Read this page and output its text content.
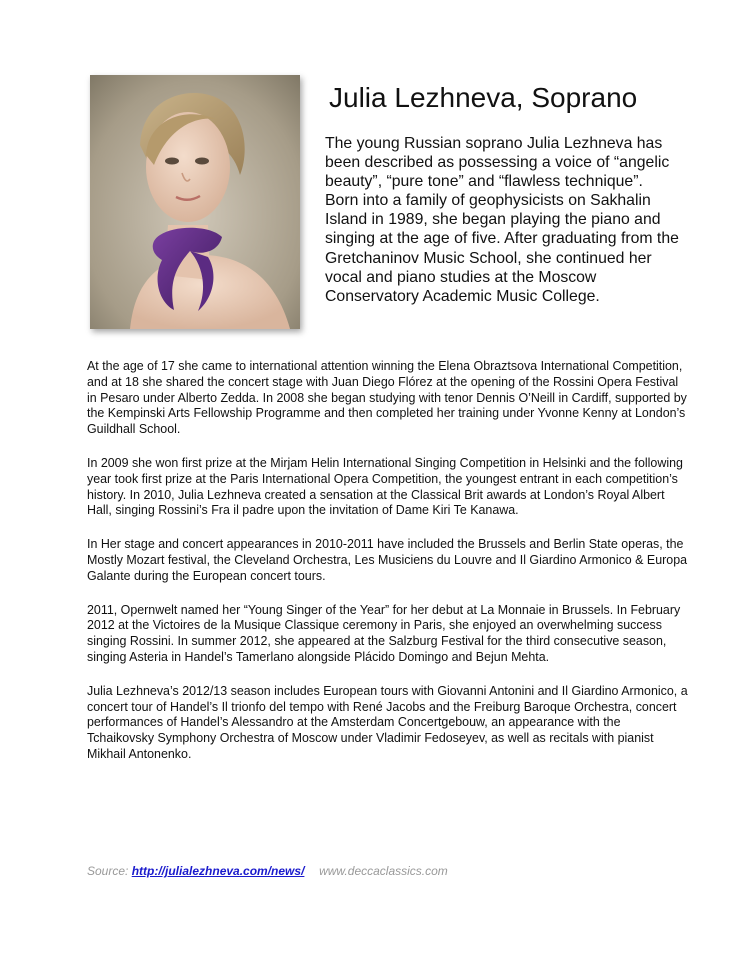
Julia Lezhneva, Soprano

The young Russian soprano Julia Lezhneva has been described as possessing a voice of “angelic beauty”, “pure tone” and “flawless technique”. Born into a family of geophysicists on Sakhalin Island in 1989, she began playing the piano and singing at the age of five. After graduating from the Gretchaninov Music School, she continued her vocal and piano studies at the Moscow Conservatory Academic Music College.

At the age of 17 she came to international attention winning the Elena Obraztsova International Competition, and at 18 she shared the concert stage with Juan Diego Flórez at the opening of the Rossini Opera Festival in Pesaro under Alberto Zedda. In 2008 she began studying with tenor Dennis O’Neill in Cardiff, supported by the Kempinski Arts Fellowship Programme and then completed her training under Yvonne Kenny at London’s Guildhall School.

In 2009 she won first prize at the Mirjam Helin International Singing Competition in Helsinki and the following year took first prize at the Paris International Opera Competition, the youngest entrant in each competition’s history. In 2010, Julia Lezhneva created a sensation at the Classical Brit awards at London’s Royal Albert Hall, singing Rossini’s Fra il padre upon the invitation of Dame Kiri Te Kanawa.

In Her stage and concert appearances in 2010-2011 have included the Brussels and Berlin State operas, the Mostly Mozart festival, the Cleveland Orchestra, Les Musiciens du Louvre and Il Giardino Armonico & Europa Galante during the European concert tours.

2011, Opernwelt named her “Young Singer of the Year” for her debut at La Monnaie in Brussels. In February 2012 at the Victoires de la Musique Classique ceremony in Paris, she enjoyed an overwhelming success singing Rossini. In summer 2012, she appeared at the Salzburg Festival for the third consecutive season, singing Asteria in Handel’s Tamerlano alongside Plácido Domingo and Bejun Mehta.

Julia Lezhneva’s 2012/13 season includes European tours with Giovanni Antonini and Il Giardino Armonico, a concert tour of Handel’s Il trionfo del tempo with René Jacobs and the Freiburg Baroque Orchestra, concert performances of Handel’s Alessandro at the Amsterdam Concertgebouw, an appearance with the Tchaikovsky Symphony Orchestra of Moscow under Vladimir Fedoseyev, as well as recitals with pianist Mikhail Antonenko.

Source: http://julialezhneva.com/news/ www.deccaclassics.com
